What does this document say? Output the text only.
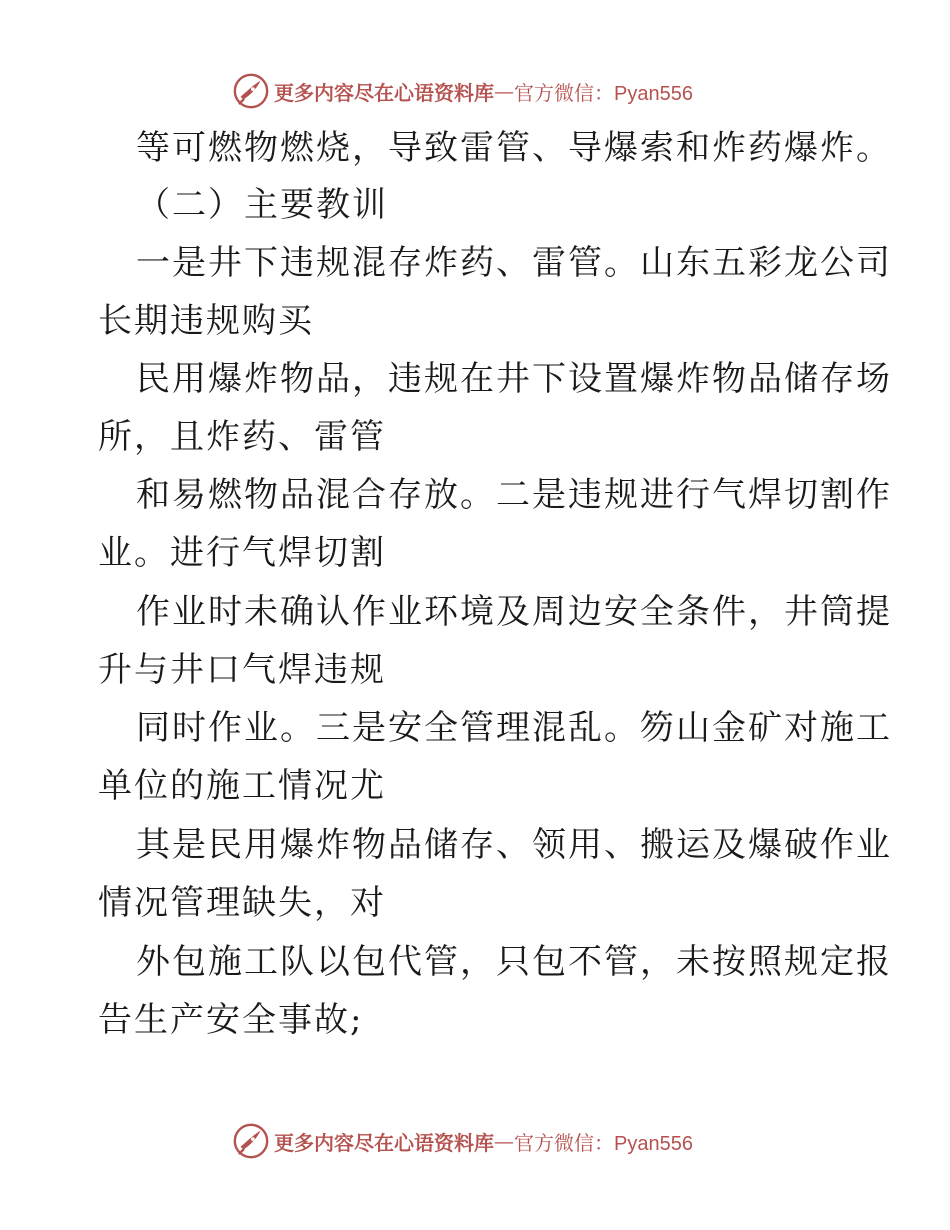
更多内容尽在心语资料库 — 官方微信：Pyan556
等可燃物燃烧，导致雷管、导爆索和炸药爆炸。
（二）主要教训
一是井下违规混存炸药、雷管。山东五彩龙公司
长期违规购买
民用爆炸物品，违规在井下设置爆炸物品储存场
所，且炸药、雷管
和易燃物品混合存放。二是违规进行气焊切割作
业。进行气焊切割
作业时未确认作业环境及周边安全条件，井筒提
升与井口气焊违规
同时作业。三是安全管理混乱。笏山金矿对施工
单位的施工情况尤
其是民用爆炸物品储存、领用、搬运及爆破作业
情况管理缺失，对
外包施工队以包代管，只包不管，未按照规定报
告生产安全事故;
更多内容尽在心语资料库 — 官方微信：Pyan556
